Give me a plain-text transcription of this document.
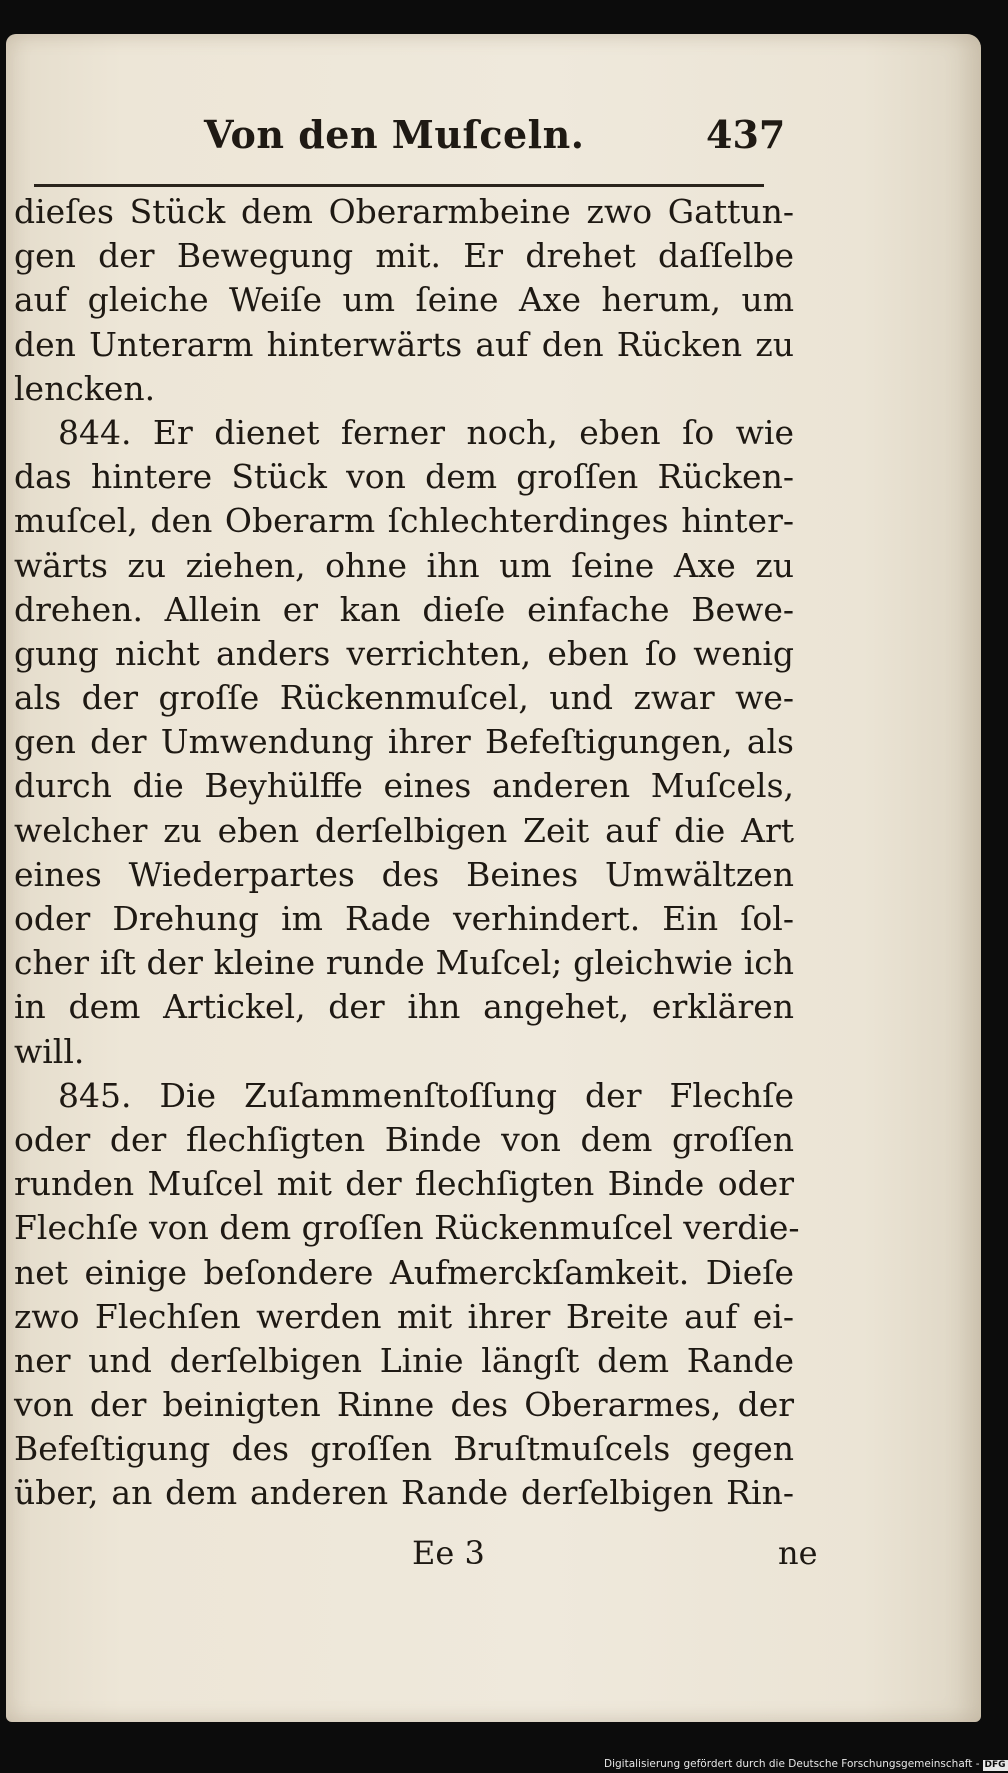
Von den Muſceln.	437
dieſes Stück dem Oberarmbeine zwo Gattun-
gen der Bewegung mit. Er drehet daſſelbe
auf gleiche Weiſe um ſeine Axe herum, um
den Unterarm hinterwärts auf den Rücken zu
lencken.
844. Er dienet ferner noch, eben ſo wie
das hintere Stück von dem groſſen Rücken-
muſcel, den Oberarm ſchlechterdinges hinter-
wärts zu ziehen, ohne ihn um ſeine Axe zu
drehen. Allein er kan dieſe einfache Bewe-
gung nicht anders verrichten, eben ſo wenig
als der groſſe Rückenmuſcel, und zwar we-
gen der Umwendung ihrer Befeſtigungen, als
durch die Beyhülffe eines anderen Muſcels,
welcher zu eben derſelbigen Zeit auf die Art
eines Wiederpartes des Beines Umwältzen
oder Drehung im Rade verhindert. Ein ſol-
cher iſt der kleine runde Muſcel; gleichwie ich
in dem Artickel, der ihn angehet, erklären
will.
845. Die Zuſammenſtoſſung der Flechſe
oder der flechſigten Binde von dem groſſen
runden Muſcel mit der flechſigten Binde oder
Flechſe von dem groſſen Rückenmuſcel verdie-
net einige beſondere Aufmerckſamkeit. Dieſe
zwo Flechſen werden mit ihrer Breite auf ei-
ner und derſelbigen Linie längſt dem Rande
von der beinigten Rinne des Oberarmes, der
Befeſtigung des groſſen Bruſtmuſcels gegen
über, an dem anderen Rande derſelbigen Rin-
Ee 3	ne
Digitalisierung gefördert durch die Deutsche Forschungsgemeinschaft - DFG
